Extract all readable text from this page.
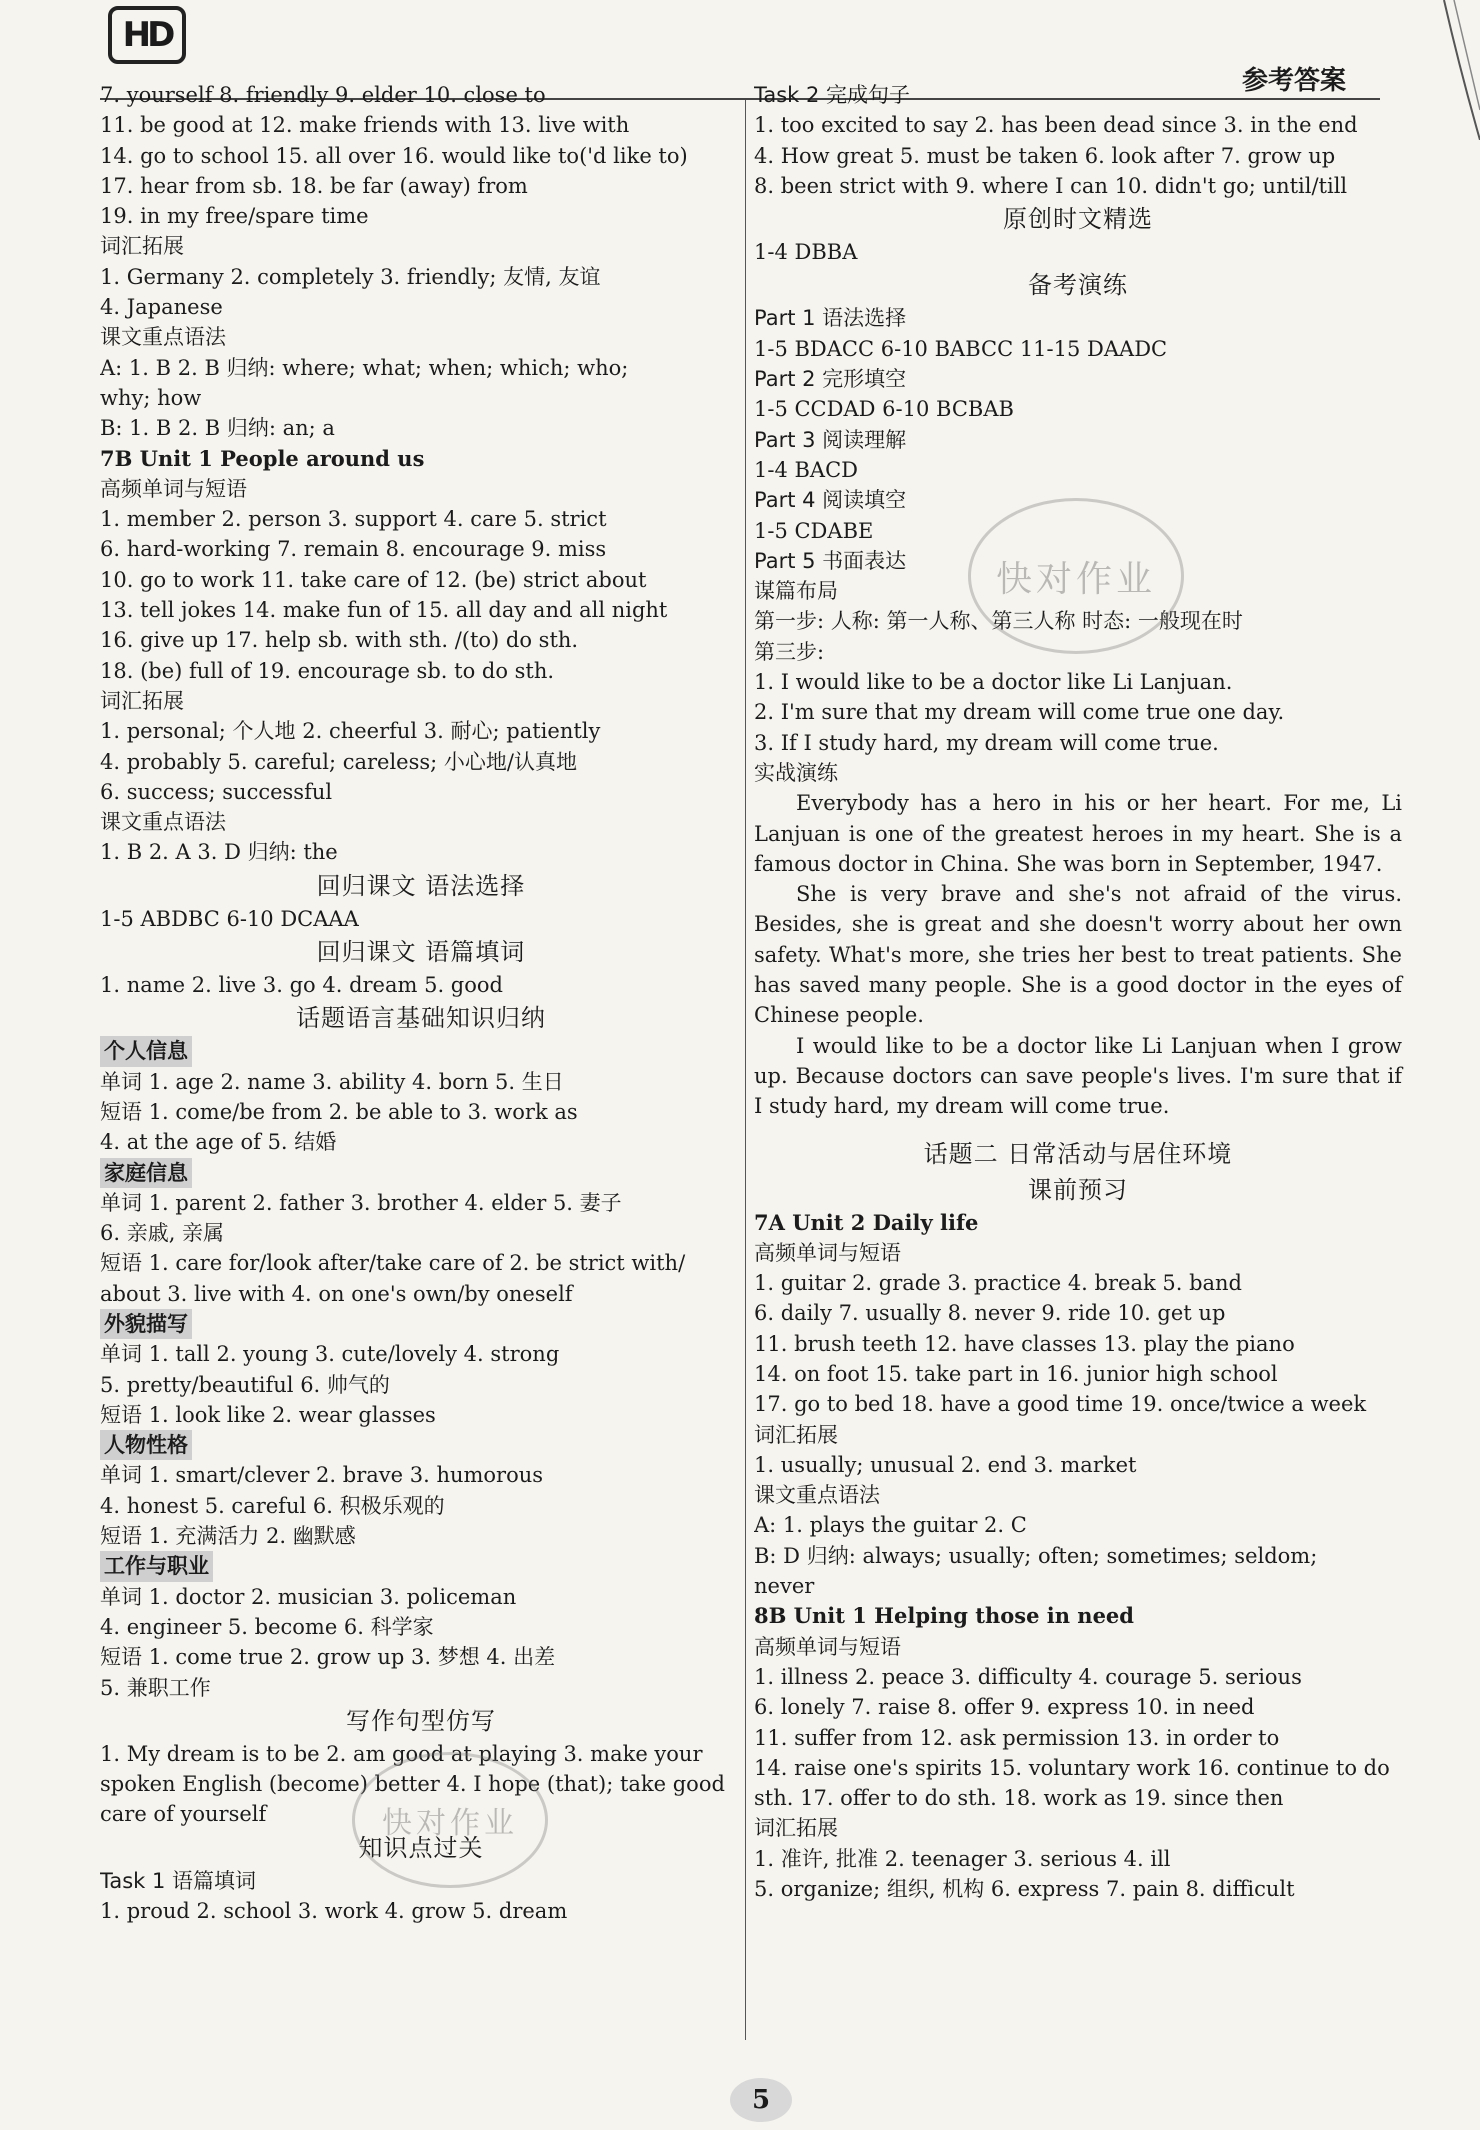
HD
参考答案
7. yourself 8. friendly 9. elder 10. close to
11. be good at 12. make friends with 13. live with
14. go to school 15. all over 16. would like to('d like to)
17. hear from sb. 18. be far (away) from
19. in my free/spare time
词汇拓展
1. Germany 2. completely 3. friendly; 友情, 友谊
4. Japanese
课文重点语法
A: 1. B 2. B 归纳: where; what; when; which; who;
why; how
B: 1. B 2. B 归纳: an; a
7B Unit 1 People around us
高频单词与短语
1. member 2. person 3. support 4. care 5. strict
6. hard-working 7. remain 8. encourage 9. miss
10. go to work 11. take care of 12. (be) strict about
13. tell jokes 14. make fun of 15. all day and all night
16. give up 17. help sb. with sth. /(to) do sth.
18. (be) full of 19. encourage sb. to do sth.
词汇拓展
1. personal; 个人地 2. cheerful 3. 耐心; patiently
4. probably 5. careful; careless; 小心地/认真地
6. success; successful
课文重点语法
1. B 2. A 3. D 归纳: the
回归课文 语法选择
1-5 ABDBC 6-10 DCAAA
回归课文 语篇填词
1. name 2. live 3. go 4. dream 5. good
话题语言基础知识归纳
个人信息
单词 1. age 2. name 3. ability 4. born 5. 生日
短语 1. come/be from 2. be able to 3. work as
4. at the age of 5. 结婚
家庭信息
单词 1. parent 2. father 3. brother 4. elder 5. 妻子
6. 亲戚, 亲属
短语 1. care for/look after/take care of 2. be strict with/
about 3. live with 4. on one's own/by oneself
外貌描写
单词 1. tall 2. young 3. cute/lovely 4. strong
5. pretty/beautiful 6. 帅气的
短语 1. look like 2. wear glasses
人物性格
单词 1. smart/clever 2. brave 3. humorous
4. honest 5. careful 6. 积极乐观的
短语 1. 充满活力 2. 幽默感
工作与职业
单词 1. doctor 2. musician 3. policeman
4. engineer 5. become 6. 科学家
短语 1. come true 2. grow up 3. 梦想 4. 出差
5. 兼职工作
写作句型仿写
1. My dream is to be 2. am good at playing 3. make your
spoken English (become) better 4. I hope (that); take good
care of yourself
知识点过关
Task 1 语篇填词
1. proud 2. school 3. work 4. grow 5. dream
Task 2 完成句子
1. too excited to say 2. has been dead since 3. in the end
4. How great 5. must be taken 6. look after 7. grow up
8. been strict with 9. where I can 10. didn't go; until/till
原创时文精选
1-4 DBBA
备考演练
Part 1 语法选择
1-5 BDACC 6-10 BABCC 11-15 DAADC
Part 2 完形填空
1-5 CCDAD 6-10 BCBAB
Part 3 阅读理解
1-4 BACD
Part 4 阅读填空
1-5 CDABE
Part 5 书面表达
谋篇布局
第一步: 人称: 第一人称、第三人称 时态: 一般现在时
第三步:
1. I would like to be a doctor like Li Lanjuan.
2. I'm sure that my dream will come true one day.
3. If I study hard, my dream will come true.
实战演练

Everybody has a hero in his or her heart. For me, Li Lanjuan is one of the greatest heroes in my heart. She is a famous doctor in China. She was born in September, 1947.

She is very brave and she's not afraid of the virus. Besides, she is great and she doesn't worry about her own safety. What's more, she tries her best to treat patients. She has saved many people. She is a good doctor in the eyes of Chinese people.

I would like to be a doctor like Li Lanjuan when I grow up. Because doctors can save people's lives. I'm sure that if I study hard, my dream will come true.

话题二 日常活动与居住环境
课前预习
7A Unit 2 Daily life
高频单词与短语
1. guitar 2. grade 3. practice 4. break 5. band
6. daily 7. usually 8. never 9. ride 10. get up
11. brush teeth 12. have classes 13. play the piano
14. on foot 15. take part in 16. junior high school
17. go to bed 18. have a good time 19. once/twice a week
词汇拓展
1. usually; unusual 2. end 3. market
课文重点语法
A: 1. plays the guitar 2. C
B: D 归纳: always; usually; often; sometimes; seldom;
never
8B Unit 1 Helping those in need
高频单词与短语
1. illness 2. peace 3. difficulty 4. courage 5. serious
6. lonely 7. raise 8. offer 9. express 10. in need
11. suffer from 12. ask permission 13. in order to
14. raise one's spirits 15. voluntary work 16. continue to do
sth. 17. offer to do sth. 18. work as 19. since then
词汇拓展
1. 准许, 批准 2. teenager 3. serious 4. ill
5. organize; 组织, 机构 6. express 7. pain 8. difficult
快对作业
快对作业
5
